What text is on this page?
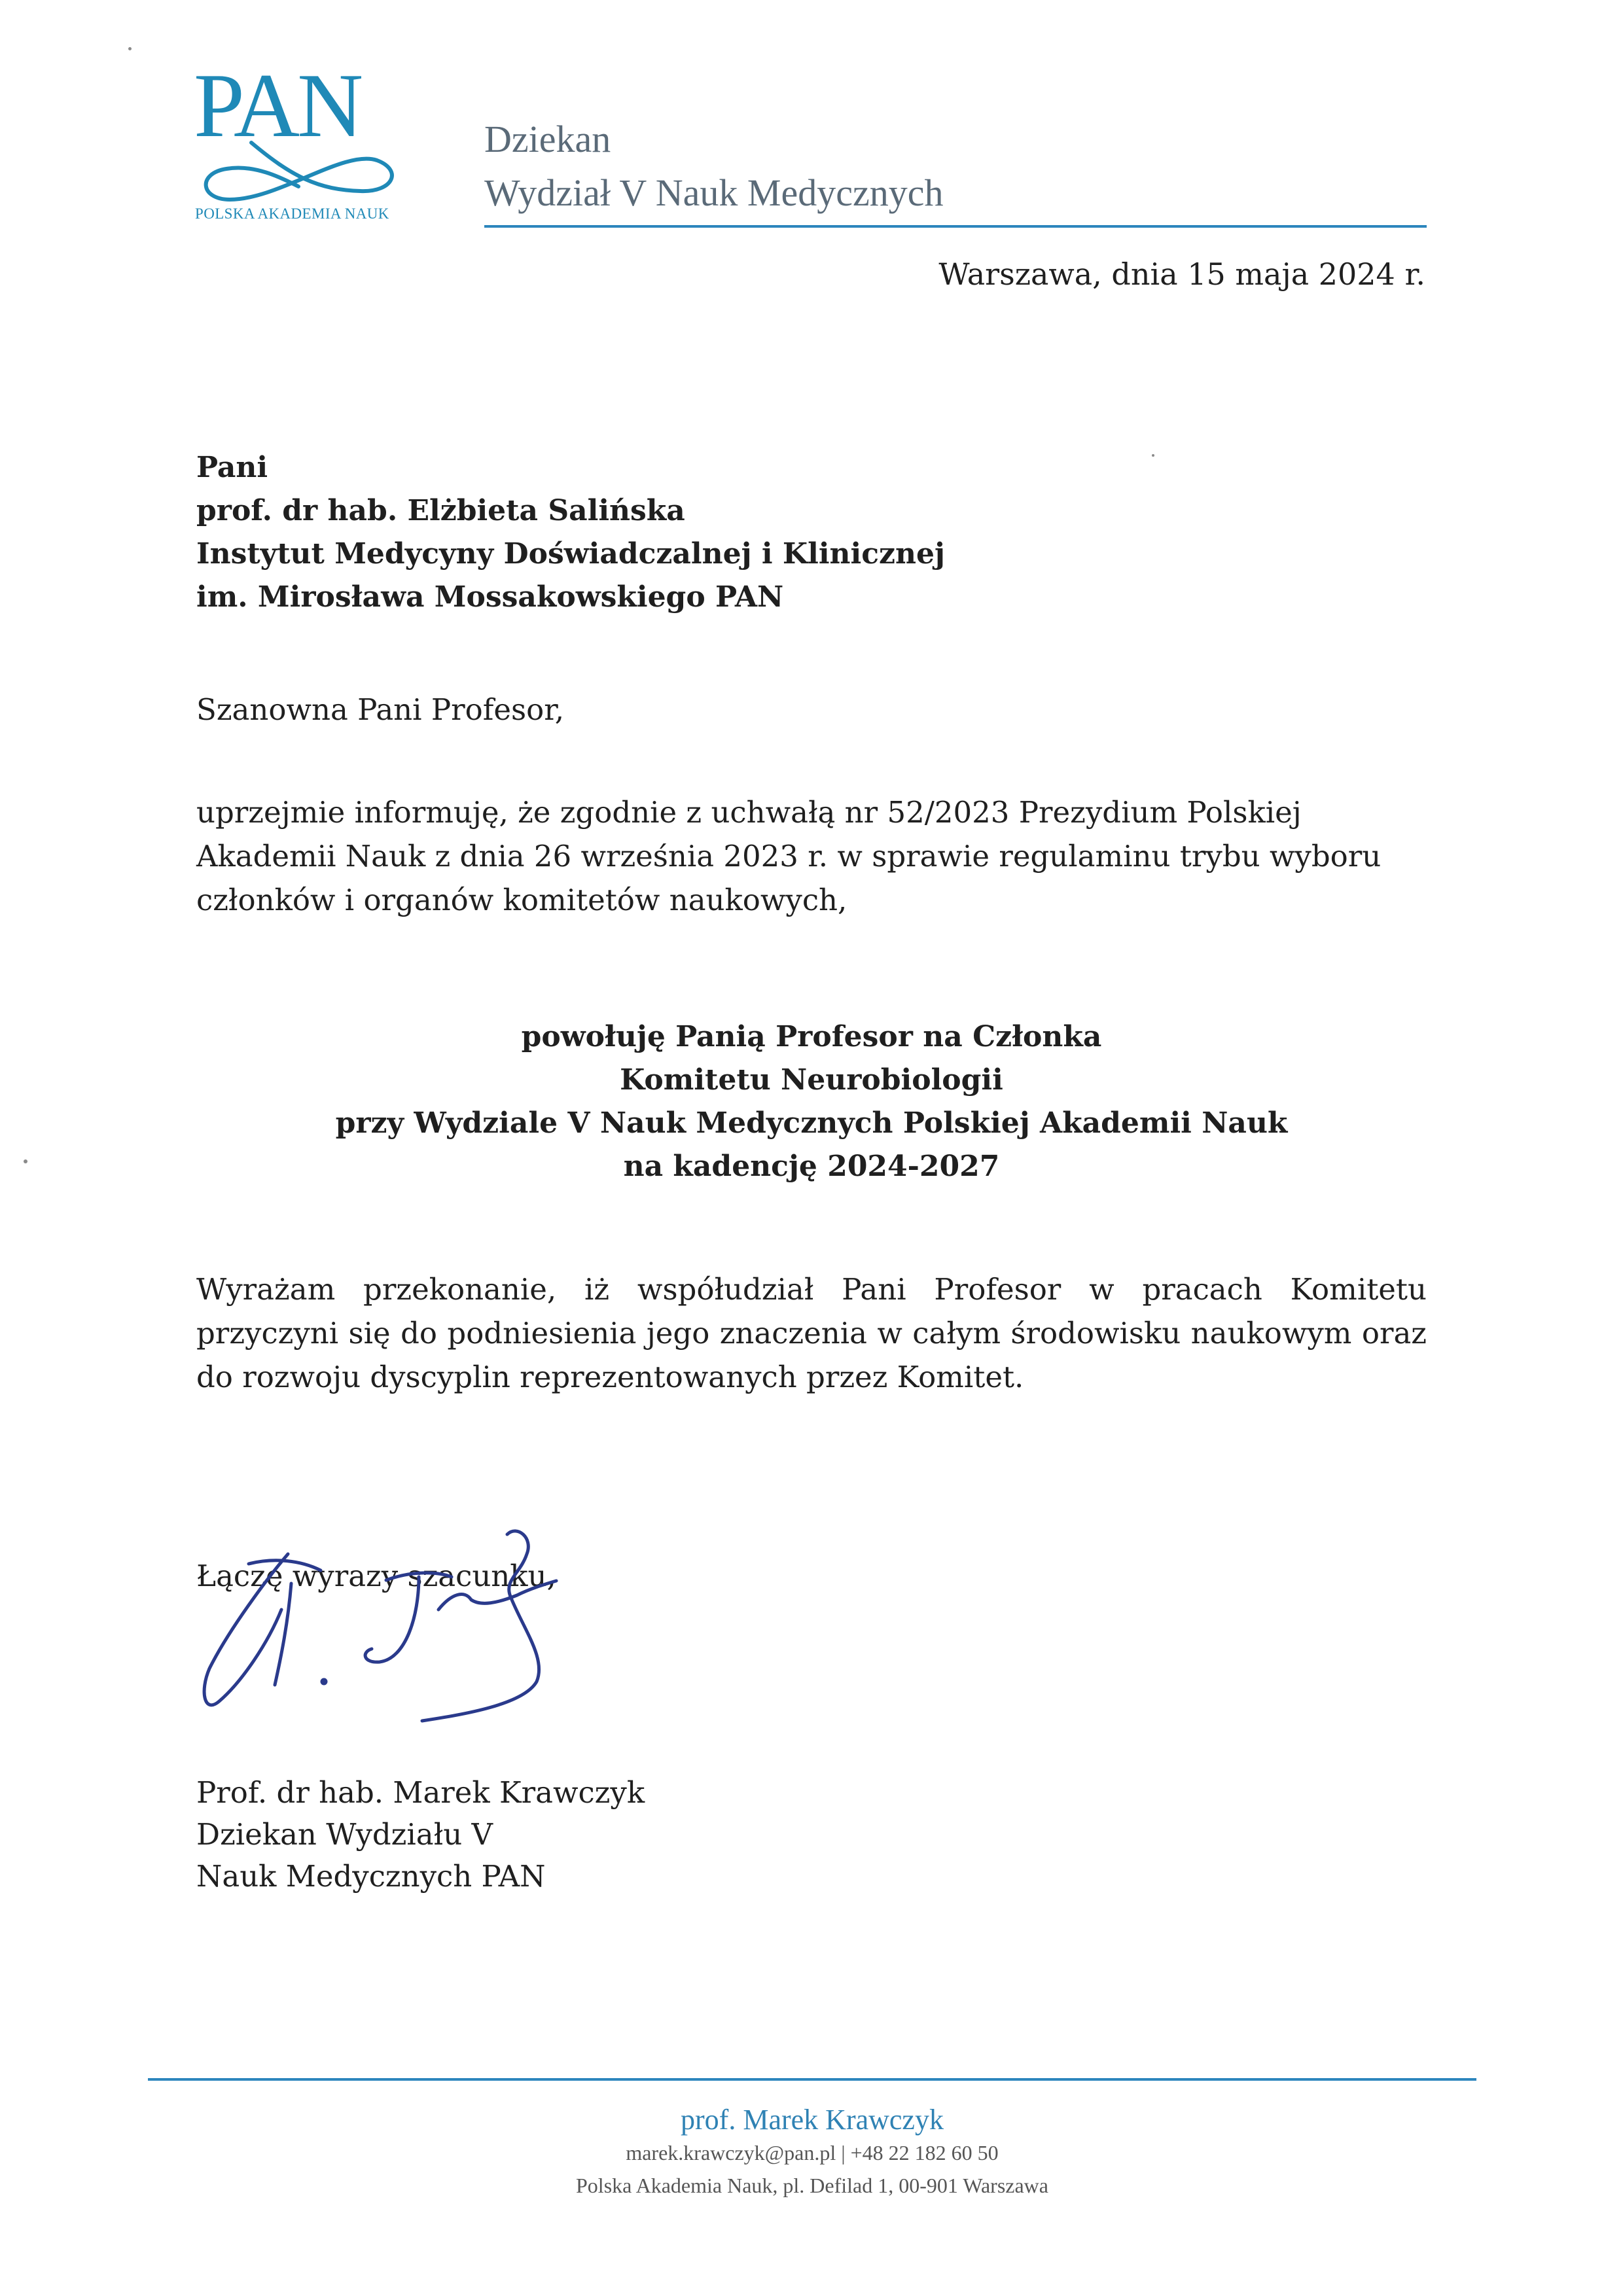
PAN
POLSKA AKADEMIA NAUK
Dziekan
Wydział V Nauk Medycznych
Warszawa, dnia 15 maja 2024 r.
Pani
prof. dr hab. Elżbieta Salińska
Instytut Medycyny Doświadczalnej i Klinicznej
im. Mirosława Mossakowskiego PAN
Szanowna Pani Profesor,
uprzejmie informuję, że zgodnie z uchwałą nr 52/2023 Prezydium Polskiej
Akademii Nauk z dnia 26 września 2023 r. w sprawie regulaminu trybu wyboru
członków i organów komitetów naukowych,
powołuję Panią Profesor na Członka
Komitetu Neurobiologii
przy Wydziale V Nauk Medycznych Polskiej Akademii Nauk
na kadencję 2024-2027
Wyrażam przekonanie, iż współudział Pani Profesor w pracach Komitetu przyczyni się do podniesienia jego znaczenia w całym środowisku naukowym oraz do rozwoju dyscyplin reprezentowanych przez Komitet.
Łączę wyrazy szacunku,
Prof. dr hab. Marek Krawczyk
Dziekan Wydziału V
Nauk Medycznych PAN
prof. Marek Krawczyk
marek.krawczyk@pan.pl | +48 22 182 60 50
Polska Akademia Nauk, pl. Defilad 1, 00-901 Warszawa
